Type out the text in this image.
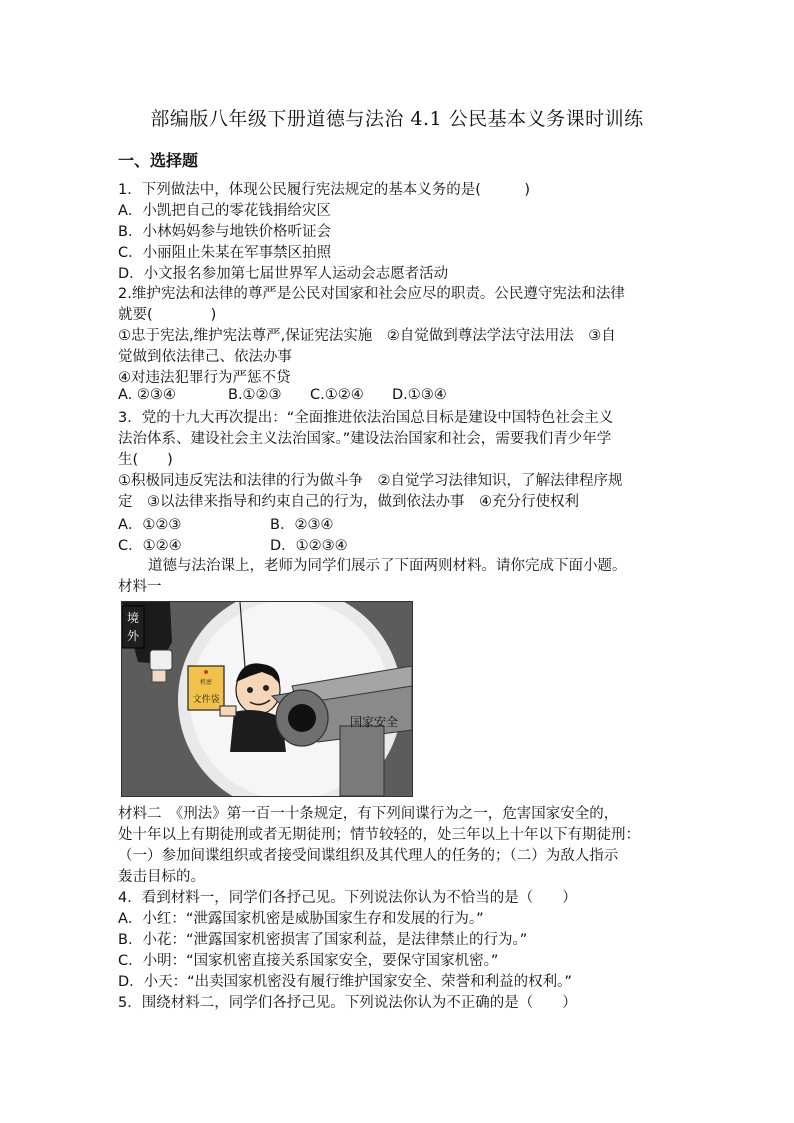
部编版八年级下册道德与法治 4.1 公民基本义务课时训练
一、选择题
1．下列做法中，体现公民履行宪法规定的基本义务的是(　　　)
A．小凯把自己的零花钱捐给灾区
B．小林妈妈参与地铁价格听证会
C．小丽阻止朱某在军事禁区拍照
D．小文报名参加第七届世界军人运动会志愿者活动
2.维护宪法和法律的尊严是公民对国家和社会应尽的职责。公民遵守宪法和法律
就要(　　　　)
①忠于宪法,维护宪法尊严,保证宪法实施　②自觉做到尊法学法守法用法　③自
觉做到依法律己、依法办事
④对违法犯罪行为严惩不贷
A. ②③④	B.①②③ C.①②④ D.①③④
3．党的十九大再次提出：“全面推进依法治国总目标是建设中国特色社会主义
法治体系、建设社会主义法治国家。”建设法治国家和社会，需要我们青少年学
生(　　)
①积极同违反宪法和法律的行为做斗争　②自觉学习法律知识，了解法律程序规
定　③以法律来指导和约束自己的行为，做到依法办事　④充分行使权利
A．①②③	B．②③④
C．①②④	D．①②③④
道德与法治课上，老师为同学们展示了下面两则材料。请你完成下面小题。
材料一
境
外
机密
文件袋
国家安全
材料二　《刑法》第一百一十条规定，有下列间谍行为之一，危害国家安全的，
处十年以上有期徒刑或者无期徒刑；情节较轻的，处三年以上十年以下有期徒刑：
（一）参加间谍组织或者接受间谍组织及其代理人的任务的；（二）为敌人指示
轰击目标的。
4．看到材料一，同学们各抒己见。下列说法你认为不恰当的是（　　）
A．小红：“泄露国家机密是威胁国家生存和发展的行为。”
B．小花：“泄露国家机密损害了国家利益，是法律禁止的行为。”
C．小明：“国家机密直接关系国家安全，要保守国家机密。”
D．小天：“出卖国家机密没有履行维护国家安全、荣誉和利益的权利。”
5．围绕材料二，同学们各抒己见。下列说法你认为不正确的是（　　）
